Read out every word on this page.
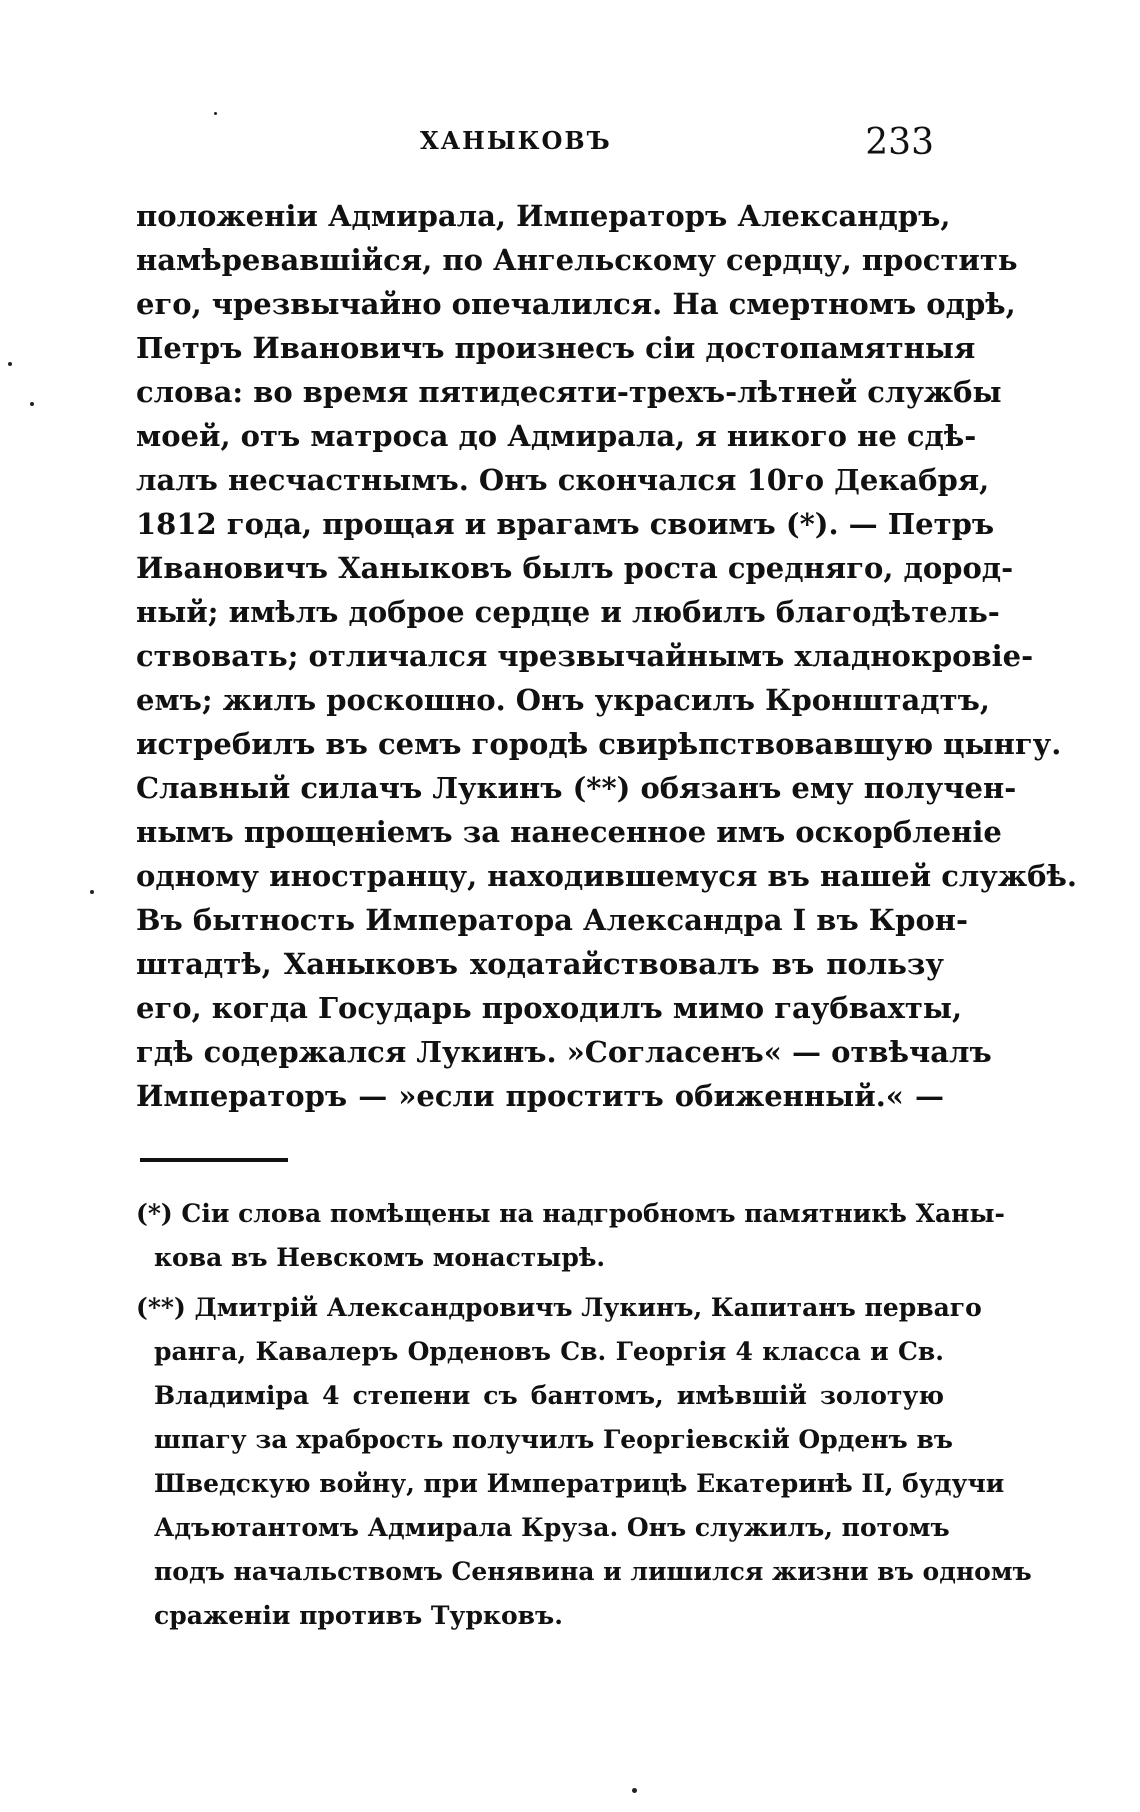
ХАНЫКОВЪ	233
положеніи Адмирала, Императоръ Александръ,
намѣревавшійся, по Ангельскому сердцу, простить
его, чрезвычайно опечалился. На смертномъ одрѣ,
Петръ Ивановичъ произнесъ сіи достопамятныя
слова: во время пятидесяти-трехъ-лѣтней службы
моей, отъ матроса до Адмирала, я никого не сдѣ-
лалъ несчастнымъ. Онъ скончался 10го Декабря,
1812 года, прощая и врагамъ своимъ (*). — Петръ
Ивановичъ Ханыковъ былъ роста средняго, дород-
ный; имѣлъ доброе сердце и любилъ благодѣтель-
ствовать; отличался чрезвычайнымъ хладнокровіе-
емъ; жилъ роскошно. Онъ украсилъ Кронштадтъ,
истребилъ въ семъ городѣ свирѣпствовавшую цынгу.
Славный силачъ Лукинъ (**) обязанъ ему получен-
нымъ прощеніемъ за нанесенное имъ оскорбленіе
одному иностранцу, находившемуся въ нашей службѣ.
Въ бытность Императора Александра I въ Крон-
штадтѣ, Ханыковъ ходатайствовалъ въ пользу
его, когда Государь проходилъ мимо гаубвахты,
гдѣ содержался Лукинъ. »Согласенъ« — отвѣчалъ
Императоръ — »если проститъ обиженный.« —
(*) Сіи слова помѣщены на надгробномъ памятникѣ Ханы-
кова въ Невскомъ монастырѣ.
(**) Дмитрій Александровичъ Лукинъ, Капитанъ перваго
ранга, Кавалеръ Орденовъ Св. Георгія 4 класса и Св.
Владиміра 4 степени съ бантомъ, имѣвшій золотую
шпагу за храбрость получилъ Георгіевскій Орденъ въ
Шведскую войну, при Императрицѣ Екатеринѣ II, будучи
Адъютантомъ Адмирала Круза. Онъ служилъ, потомъ
подъ начальствомъ Сенявина и лишился жизни въ одномъ
сраженіи противъ Турковъ.
